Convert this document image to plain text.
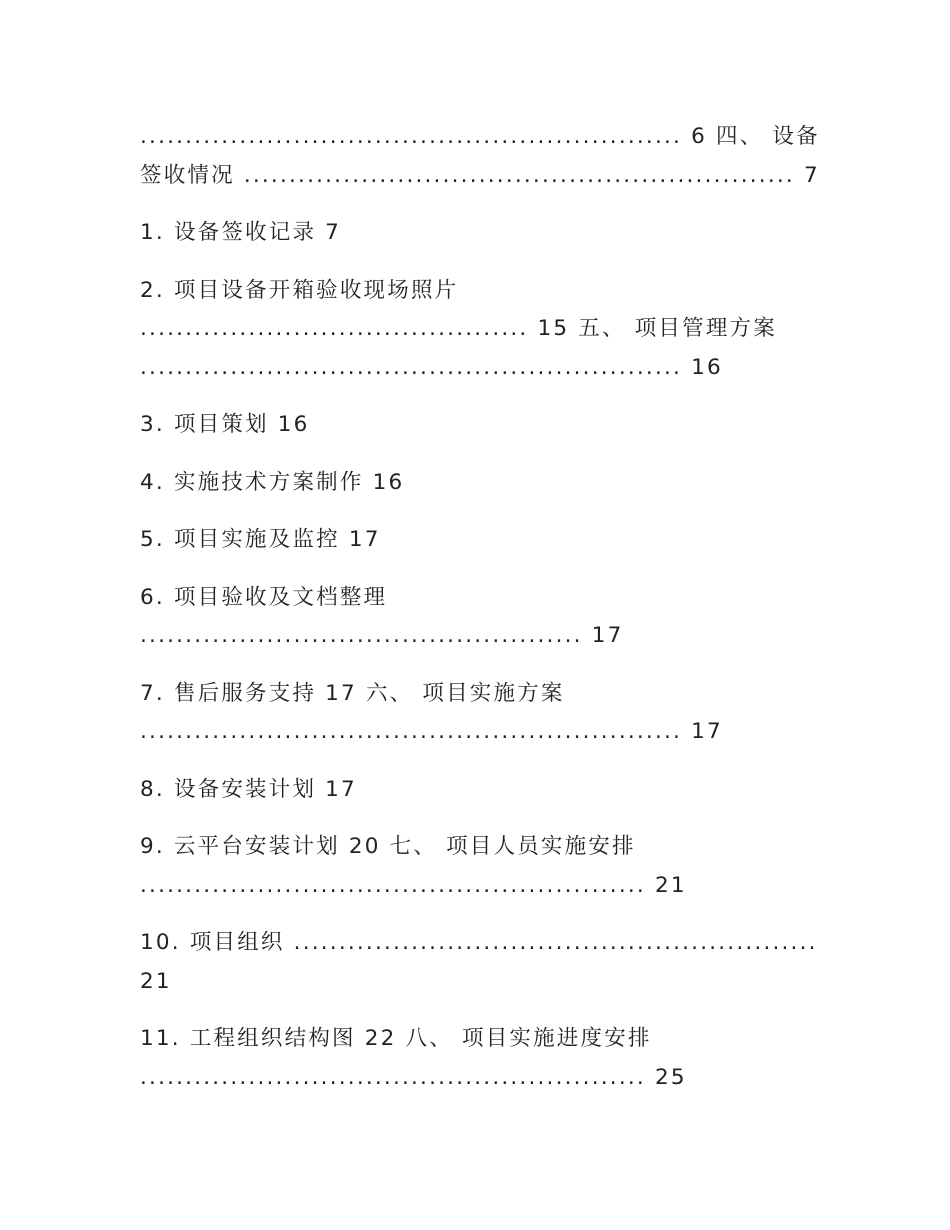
............................................................ 6 四、 设备
签收情况 ............................................................. 7
1. 设备签收记录 7
2. 项目设备开箱验收现场照片
........................................... 15 五、 项目管理方案
............................................................ 16
3. 项目策划 16
4. 实施技术方案制作 16
5. 项目实施及监控 17
6. 项目验收及文档整理
................................................. 17
7. 售后服务支持 17 六、 项目实施方案
............................................................ 17
8. 设备安装计划 17
9. 云平台安装计划 20 七、 项目人员实施安排
........................................................ 21
10. 项目组织 ..........................................................
21
11. 工程组织结构图 22 八、 项目实施进度安排
........................................................ 25
